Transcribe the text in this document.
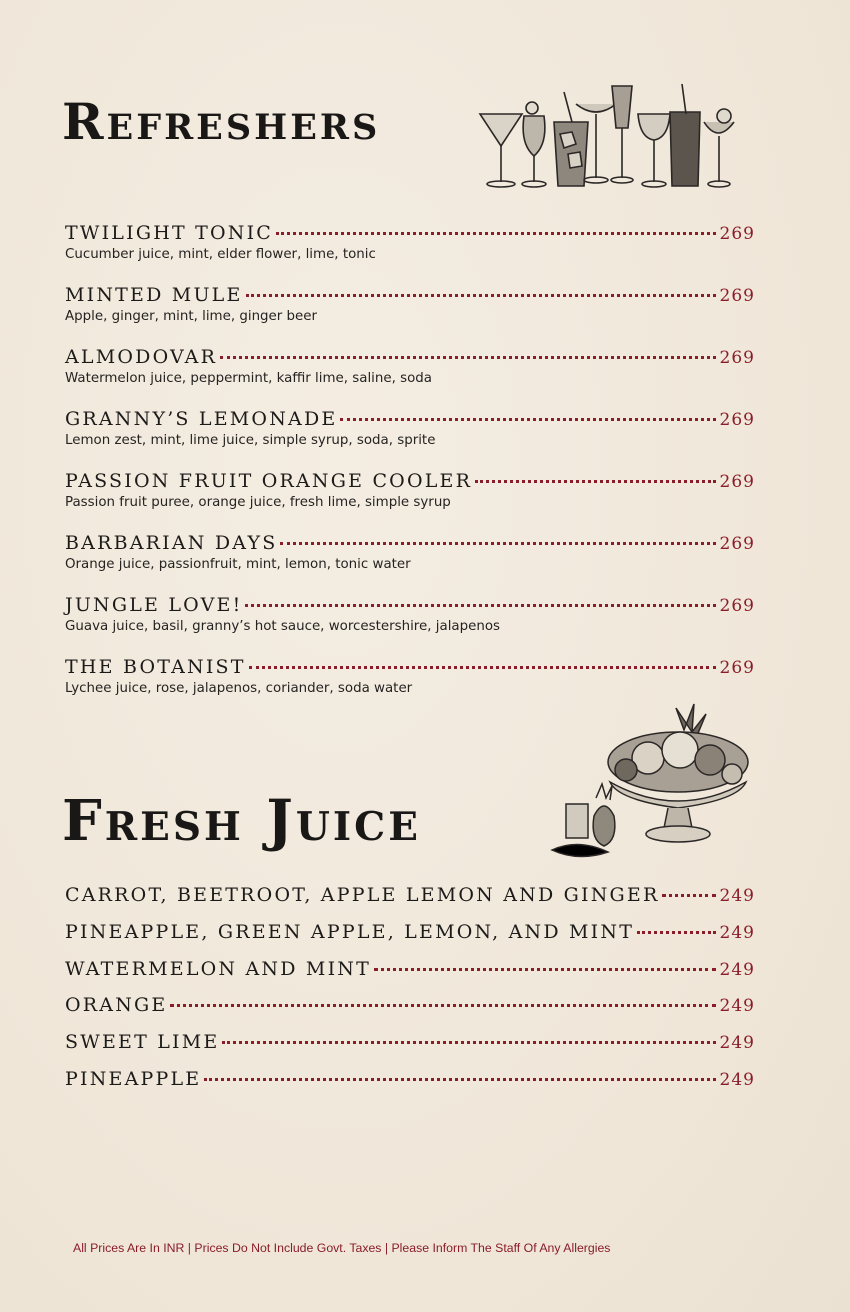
Refreshers
TWILIGHT TONIC	269
Cucumber juice, mint, elder flower, lime, tonic
MINTED MULE	269
Apple, ginger, mint, lime, ginger beer
ALMODOVAR	269
Watermelon juice, peppermint, kaffir lime, saline, soda
GRANNY’S LEMONADE	269
Lemon zest, mint, lime juice, simple syrup, soda, sprite
PASSION FRUIT ORANGE COOLER	269
Passion fruit puree, orange juice, fresh lime, simple syrup
BARBARIAN DAYS	269
Orange juice, passionfruit, mint, lemon, tonic water
JUNGLE LOVE!	269
Guava juice, basil, granny’s hot sauce, worcestershire, jalapenos
THE BOTANIST	269
Lychee juice, rose, jalapenos, coriander, soda water
Fresh Juice
CARROT, BEETROOT, APPLE LEMON AND GINGER	249
PINEAPPLE, GREEN APPLE, LEMON, AND MINT	249
WATERMELON AND MINT	249
ORANGE	249
SWEET LIME	249
PINEAPPLE	249
All Prices Are In INR | Prices Do Not Include Govt. Taxes | Please Inform The Staff Of Any Allergies
